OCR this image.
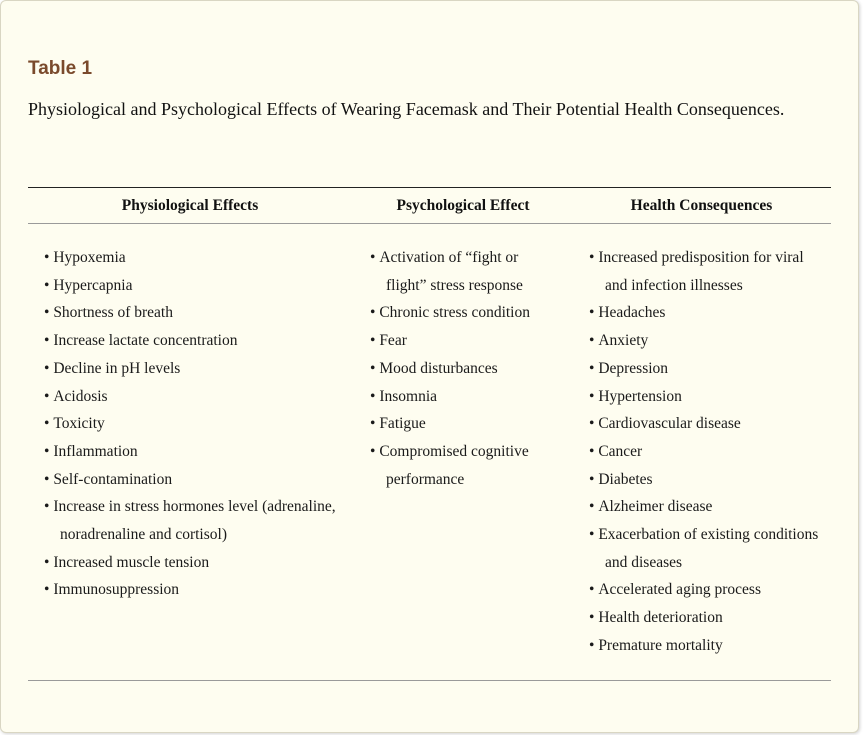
Table 1

Physiological and Psychological Effects of Wearing Facemask and Their Potential Health Consequences.

Physiological Effects	Psychological Effect	Health Consequences
• Hypoxemia
• Hypercapnia
• Shortness of breath
• Increase lactate concentration
• Decline in pH levels
• Acidosis
• Toxicity
• Inflammation
• Self-contamination
• Increase in stress hormones level (adrenaline, noradrenaline and cortisol)
• Increased muscle tension
• Immunosuppression
• Activation of “fight or flight” stress response
• Chronic stress condition
• Fear
• Mood disturbances
• Insomnia
• Fatigue
• Compromised cognitive performance
• Increased predisposition for viral and infection illnesses
• Headaches
• Anxiety
• Depression
• Hypertension
• Cardiovascular disease
• Cancer
• Diabetes
• Alzheimer disease
• Exacerbation of existing conditions and diseases
• Accelerated aging process
• Health deterioration
• Premature mortality
